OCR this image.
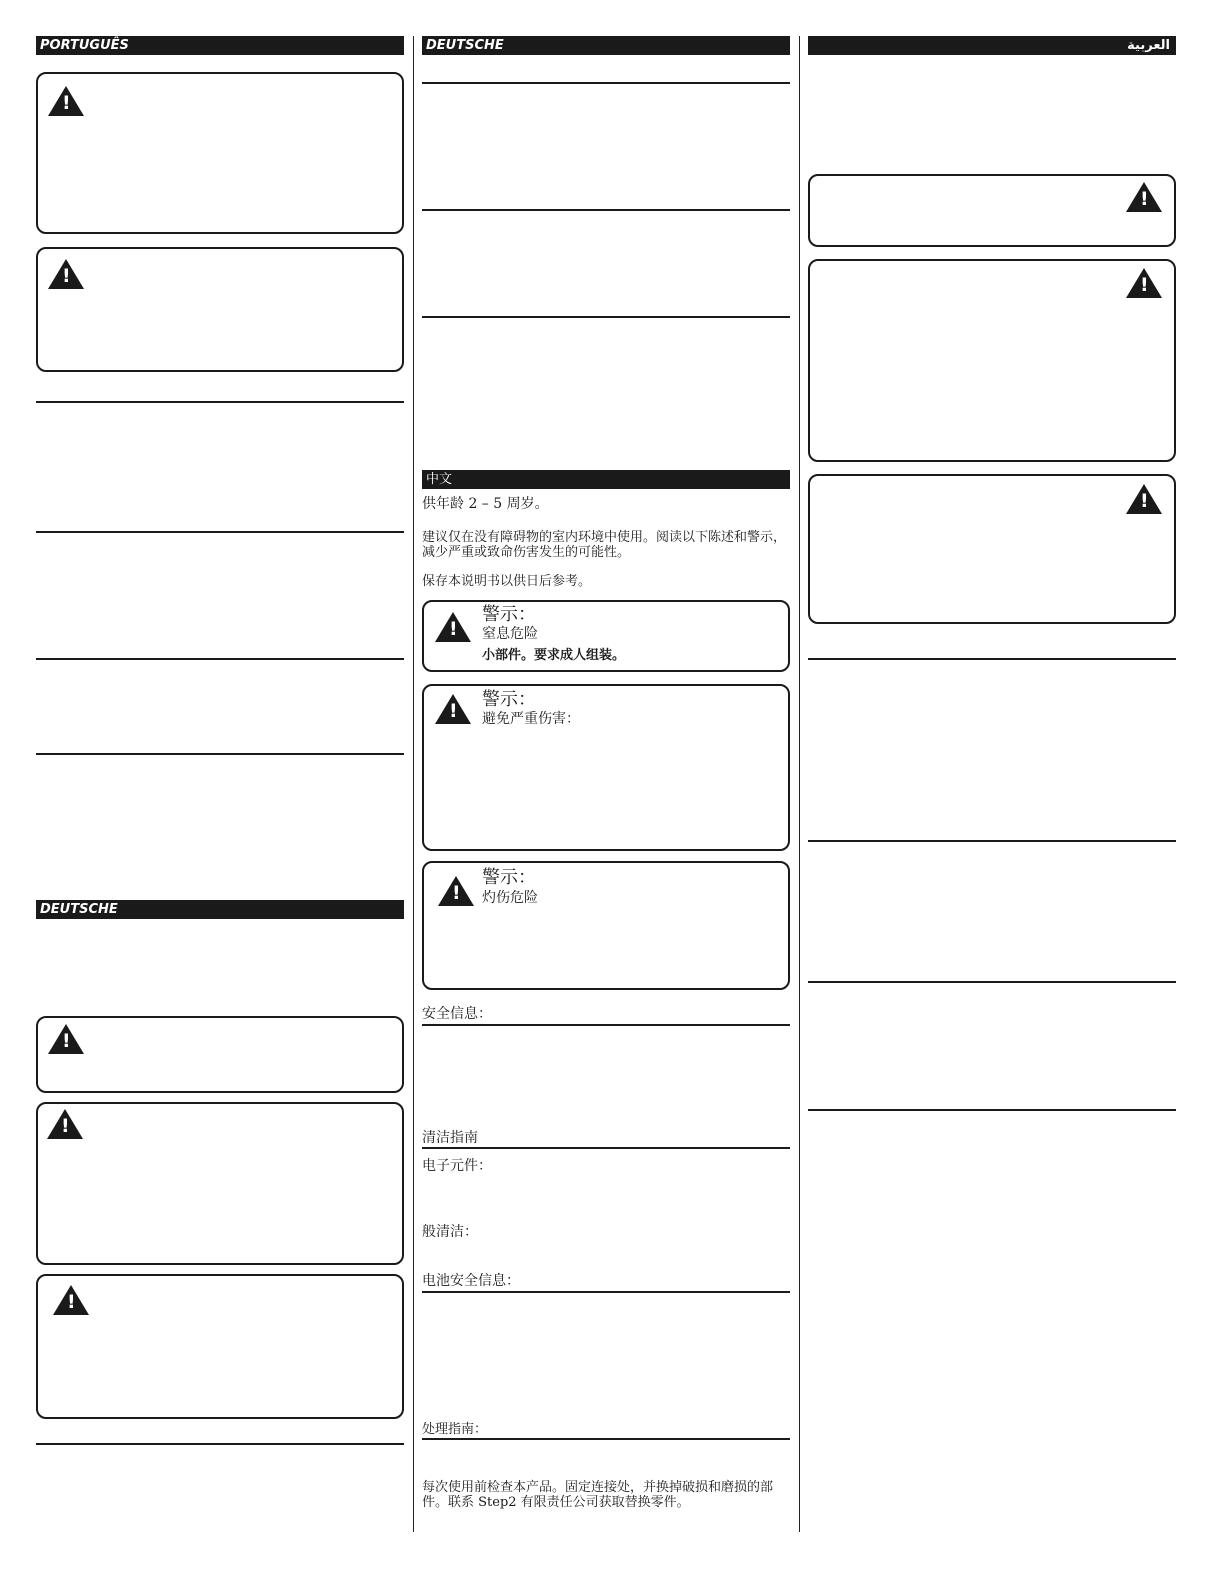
PORTUGUÊS
!
!
DEUTSCHE
!
!
!
DEUTSCHE
中文
供年龄 2 – 5 周岁。
建议仅在没有障碍物的室内环境中使用。阅读以下陈述和警示，减少严重或致命伤害发生的可能性。
保存本说明书以供日后参考。
!
警示：
窒息危险
小部件。要求成人组装。
!
警示：
避免严重伤害：
!
警示：
灼伤危险
安全信息：
清洁指南
电子元件：
般清洁：
电池安全信息：
处理指南：
每次使用前检查本产品。固定连接处，并换掉破损和磨损的部件。联系 Step2 有限责任公司获取替换零件。
العربية
!
!
!
